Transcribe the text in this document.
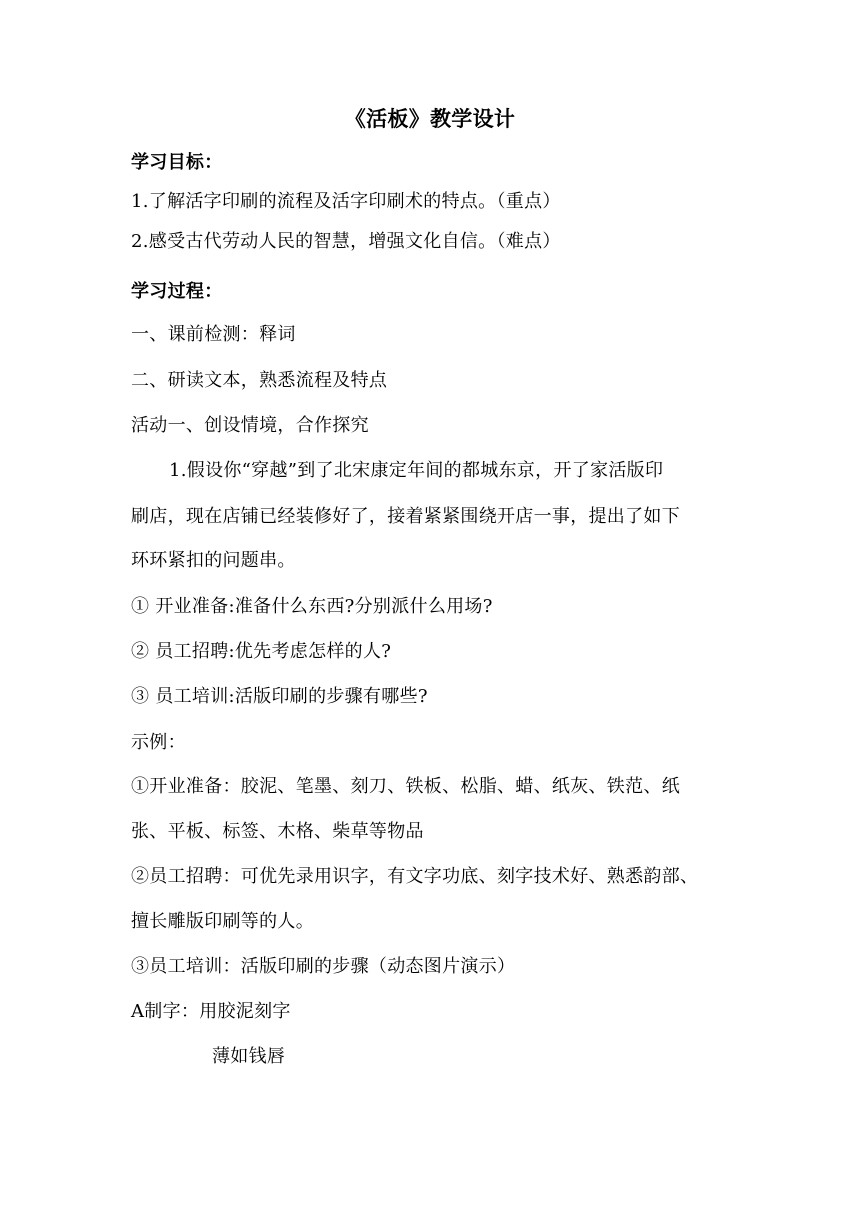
《活板》教学设计
学习目标：
1.了解活字印刷的流程及活字印刷术的特点。（重点）
2.感受古代劳动人民的智慧，增强文化自信。（难点）
学习过程：
一、课前检测：释词
二、研读文本，熟悉流程及特点
活动一、创设情境，合作探究
1.假设你“穿越”到了北宋康定年间的都城东京，开了家活版印
刷店，现在店铺已经装修好了，接着紧紧围绕开店一事，提出了如下
环环紧扣的问题串。
① 开业准备:准备什么东西?分别派什么用场?
② 员工招聘:优先考虑怎样的人?
③ 员工培训:活版印刷的步骤有哪些?
示例：
①开业准备：胶泥、笔墨、刻刀、铁板、松脂、蜡、纸灰、铁范、纸
张、平板、标签、木格、柴草等物品
②员工招聘：可优先录用识字，有文字功底、刻字技术好、熟悉韵部、
擅长雕版印刷等的人。
③员工培训：活版印刷的步骤（动态图片演示）
A制字：用胶泥刻字
薄如钱唇
